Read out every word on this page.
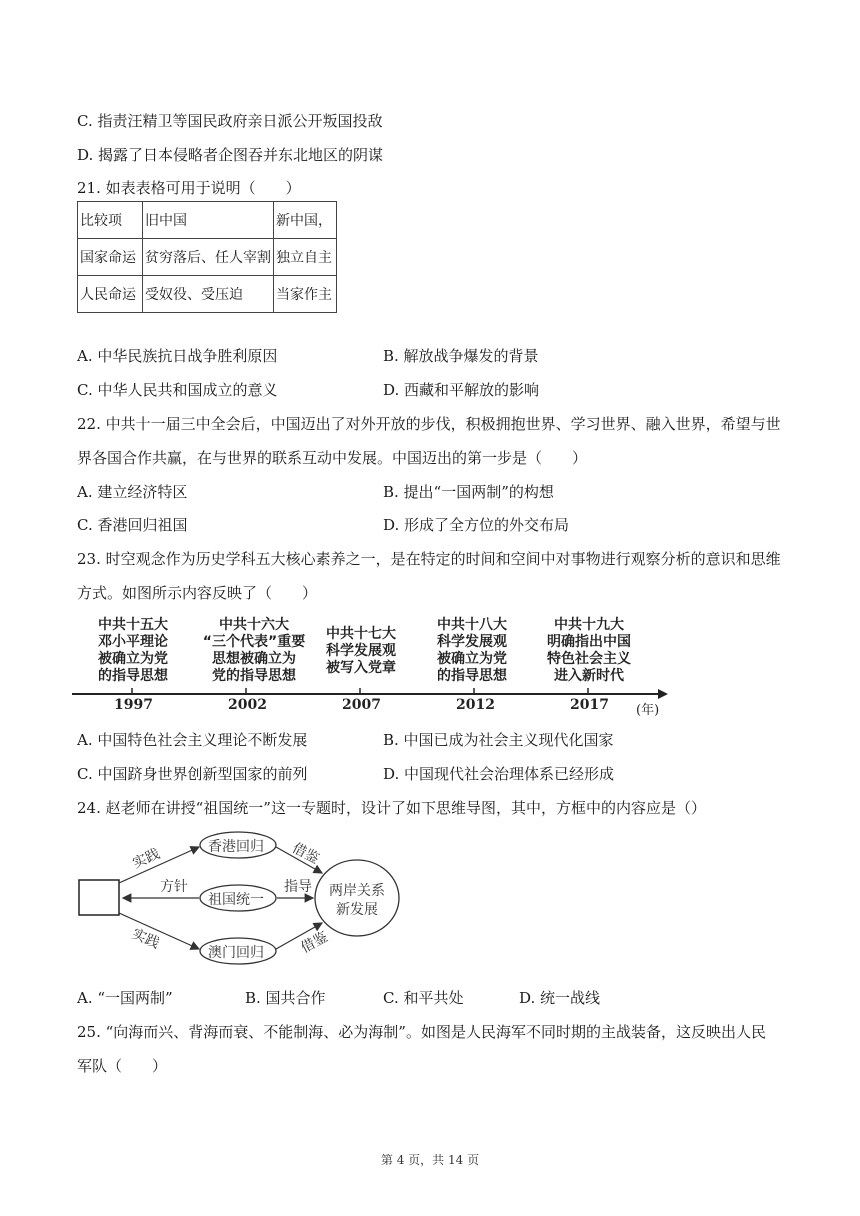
C. 指责汪精卫等国民政府亲日派公开叛国投敌
D. 揭露了日本侵略者企图吞并东北地区的阴谋
21. 如表表格可用于说明（　　）
比较项	旧中国	新中国，
国家命运	贫穷落后、任人宰割	独立自主
人民命运	受奴役、受压迫	当家作主
A. 中华民族抗日战争胜利原因	B. 解放战争爆发的背景
C. 中华人民共和国成立的意义	D. 西藏和平解放的影响
22. 中共十一届三中全会后，中国迈出了对外开放的步伐，积极拥抱世界、学习世界、融入世界，希望与世
界各国合作共赢，在与世界的联系互动中发展。中国迈出的第一步是（　　）
A. 建立经济特区	B. 提出“一国两制”的构想
C. 香港回归祖国	D. 形成了全方位的外交布局
23. 时空观念作为历史学科五大核心素养之一，是在特定的时间和空间中对事物进行观察分析的意识和思维
方式。如图所示内容反映了（　　）
中共十五大
邓小平理论
被确立为党
的指导思想
中共十六大
“三个代表”重要
思想被确立为
党的指导思想
中共十七大
科学发展观
被写入党章
中共十八大
科学发展观
被确立为党
的指导思想
中共十九大
明确指出中国
特色社会主义
进入新时代
1997	2002	2007	2012	2017 (年)
A. 中国特色社会主义理论不断发展	B. 中国已成为社会主义现代化国家
C. 中国跻身世界创新型国家的前列	D. 中国现代社会治理体系已经形成
24. 赵老师在讲授“祖国统一”这一专题时，设计了如下思维导图，其中，方框中的内容应是（）
香港回归
祖国统一
澳门回归
两岸关系
新发展
实践
实践
方针	指导
借鉴
借鉴
A. “一国两制”	B. 国共合作	C. 和平共处	D. 统一战线
25. “向海而兴、背海而衰、不能制海、必为海制”。如图是人民海军不同时期的主战装备，这反映出人民
军队（　　）
第 4 页，共 14 页
